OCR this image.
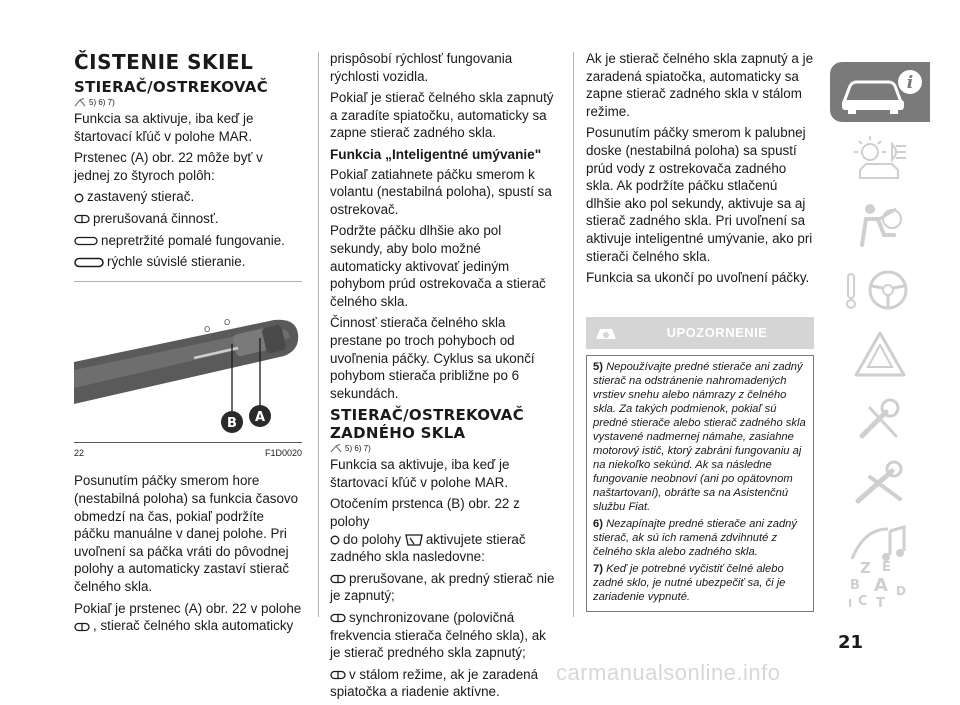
ČISTENIE SKIEL
STIERAČ/OSTREKOVAČ
5) 6) 7)

Funkcia sa aktivuje, iba keď je štartovací kľúč v polohe MAR.

Prstenec (A) obr. 22 môže byť v jednej zo štyroch polôh:

zastavený stierač.

prerušovaná činnosť.

nepretržité pomalé fungovanie.

rýchle súvislé stieranie.

O
O
B A
22	F1D0020

Posunutím páčky smerom hore (nestabilná poloha) sa funkcia časovo obmedzí na čas, pokiaľ podržíte páčku manuálne v danej polohe. Pri uvoľnení sa páčka vráti do pôvodnej polohy a automaticky zastaví stierač čelného skla.

Pokiaľ je prstenec (A) obr. 22 v polohe
, stierač čelného skla automaticky

prispôsobí rýchlosť fungovania rýchlosti vozidla.

Pokiaľ je stierač čelného skla zapnutý a zaradíte spiatočku, automaticky sa zapne stierač zadného skla.

Funkcia „Inteligentné umývanie"

Pokiaľ zatiahnete páčku smerom k volantu (nestabilná poloha), spustí sa ostrekovač.

Podržte páčku dlhšie ako pol sekundy, aby bolo možné automaticky aktivovať jediným pohybom prúd ostrekovača a stierač čelného skla.

Činnosť stierača čelného skla prestane po troch pohyboch od uvoľnenia páčky. Cyklus sa ukončí pohybom stierača približne po 6 sekundách.

STIERAČ/OSTREKOVAČ ZADNÉHO SKLA
5) 6) 7)

Funkcia sa aktivuje, iba keď je štartovací kľúč v polohe MAR.

Otočením prstenca (B) obr. 22 z polohy
do polohy aktivujete stierač zadného skla nasledovne:

prerušovane, ak predný stierač nie je zapnutý;

synchronizovane (polovičná frekvencia stierača čelného skla), ak je stierač predného skla zapnutý;

v stálom režime, ak je zaradená spiatočka a riadenie aktívne.

Ak je stierač čelného skla zapnutý a je zaradená spiatočka, automaticky sa zapne stierač zadného skla v stálom režime.

Posunutím páčky smerom k palubnej doske (nestabilná poloha) sa spustí prúd vody z ostrekovača zadného skla. Ak podržíte páčku stlačenú dlhšie ako pol sekundy, aktivuje sa aj stierač zadného skla. Pri uvoľnení sa aktivuje inteligentné umývanie, ako pri stierači čelného skla.

Funkcia sa ukončí po uvoľnení páčky.

UPOZORNENIE

5) Nepoužívajte predné stierače ani zadný stierač na odstránenie nahromadených vrstiev snehu alebo námrazy z čelného skla. Za takých podmienok, pokiaľ sú predné stierače alebo stierač zadného skla vystavené nadmernej námahe, zasiahne motorový istič, ktorý zabráni fungovaniu aj na niekoľko sekúnd. Ak sa následne fungovanie neobnoví (ani po opätovnom naštartovaní), obráťte sa na Asistenčnú službu Fiat.

6) Nezapínajte predné stierače ani zadný stierač, ak sú ich ramená zdvihnuté z čelného skla alebo zadného skla.

7) Keď je potrebné vyčistiť čelné alebo zadné sklo, je nutné ubezpečiť sa, či je zariadenie vypnuté.

i
Z E
B A
C
D
T
I
21
carmanualsonline.info
